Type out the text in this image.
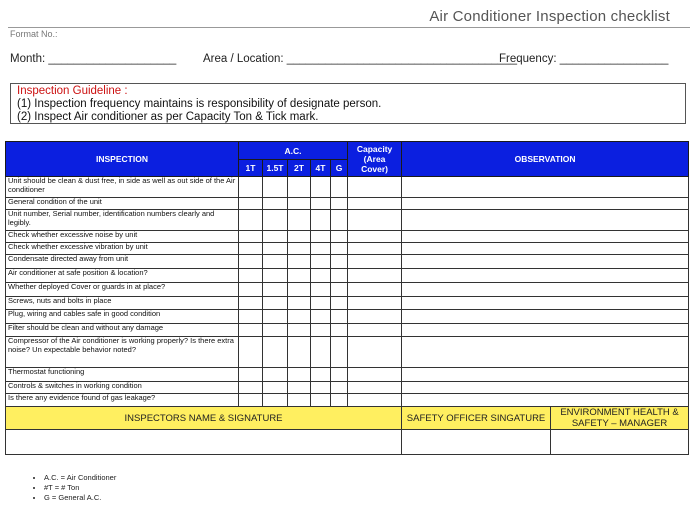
Air Conditioner Inspection checklist
Format No.:
Month: ____________________ Area / Location: ____________________________________
Frequency: _________________
Inspection Guideline :
(1) Inspection frequency maintains is responsibility of designate person.
(2) Inspect Air conditioner as per Capacity Ton & Tick mark.
INSPECTION	A.C.					Capacity (Area Cover)	OBSERVATION	
	1T	1.5T	2T	4T	G			
Unit should be clean & dust free, in side as well as out side of the Air conditioner								
General condition of the unit								
Unit number, Serial number, identification numbers clearly and legibly.								
Check whether excessive noise by unit								
Check whether excessive vibration by unit								
Condensate directed away from unit								
Air conditioner at safe position & location?								
Whether deployed Cover or guards in at place?								
Screws, nuts and bolts in place								
Plug, wiring and cables safe in good condition								
Filter should be clean and without any damage								
Compressor of the Air conditioner is working properly? Is there extra noise? Un expectable behavior noted?								
Thermostat functioning								
Controls & switches in working condition								
Is there any evidence found of gas leakage?								
INSPECTORS NAME & SIGNATURE							SAFETY OFFICER SINGATURE	ENVIRONMENT HEALTH & SAFETY – MANAGER

• A.C. = Air Conditioner
• #T = # Ton
• G = General A.C.
